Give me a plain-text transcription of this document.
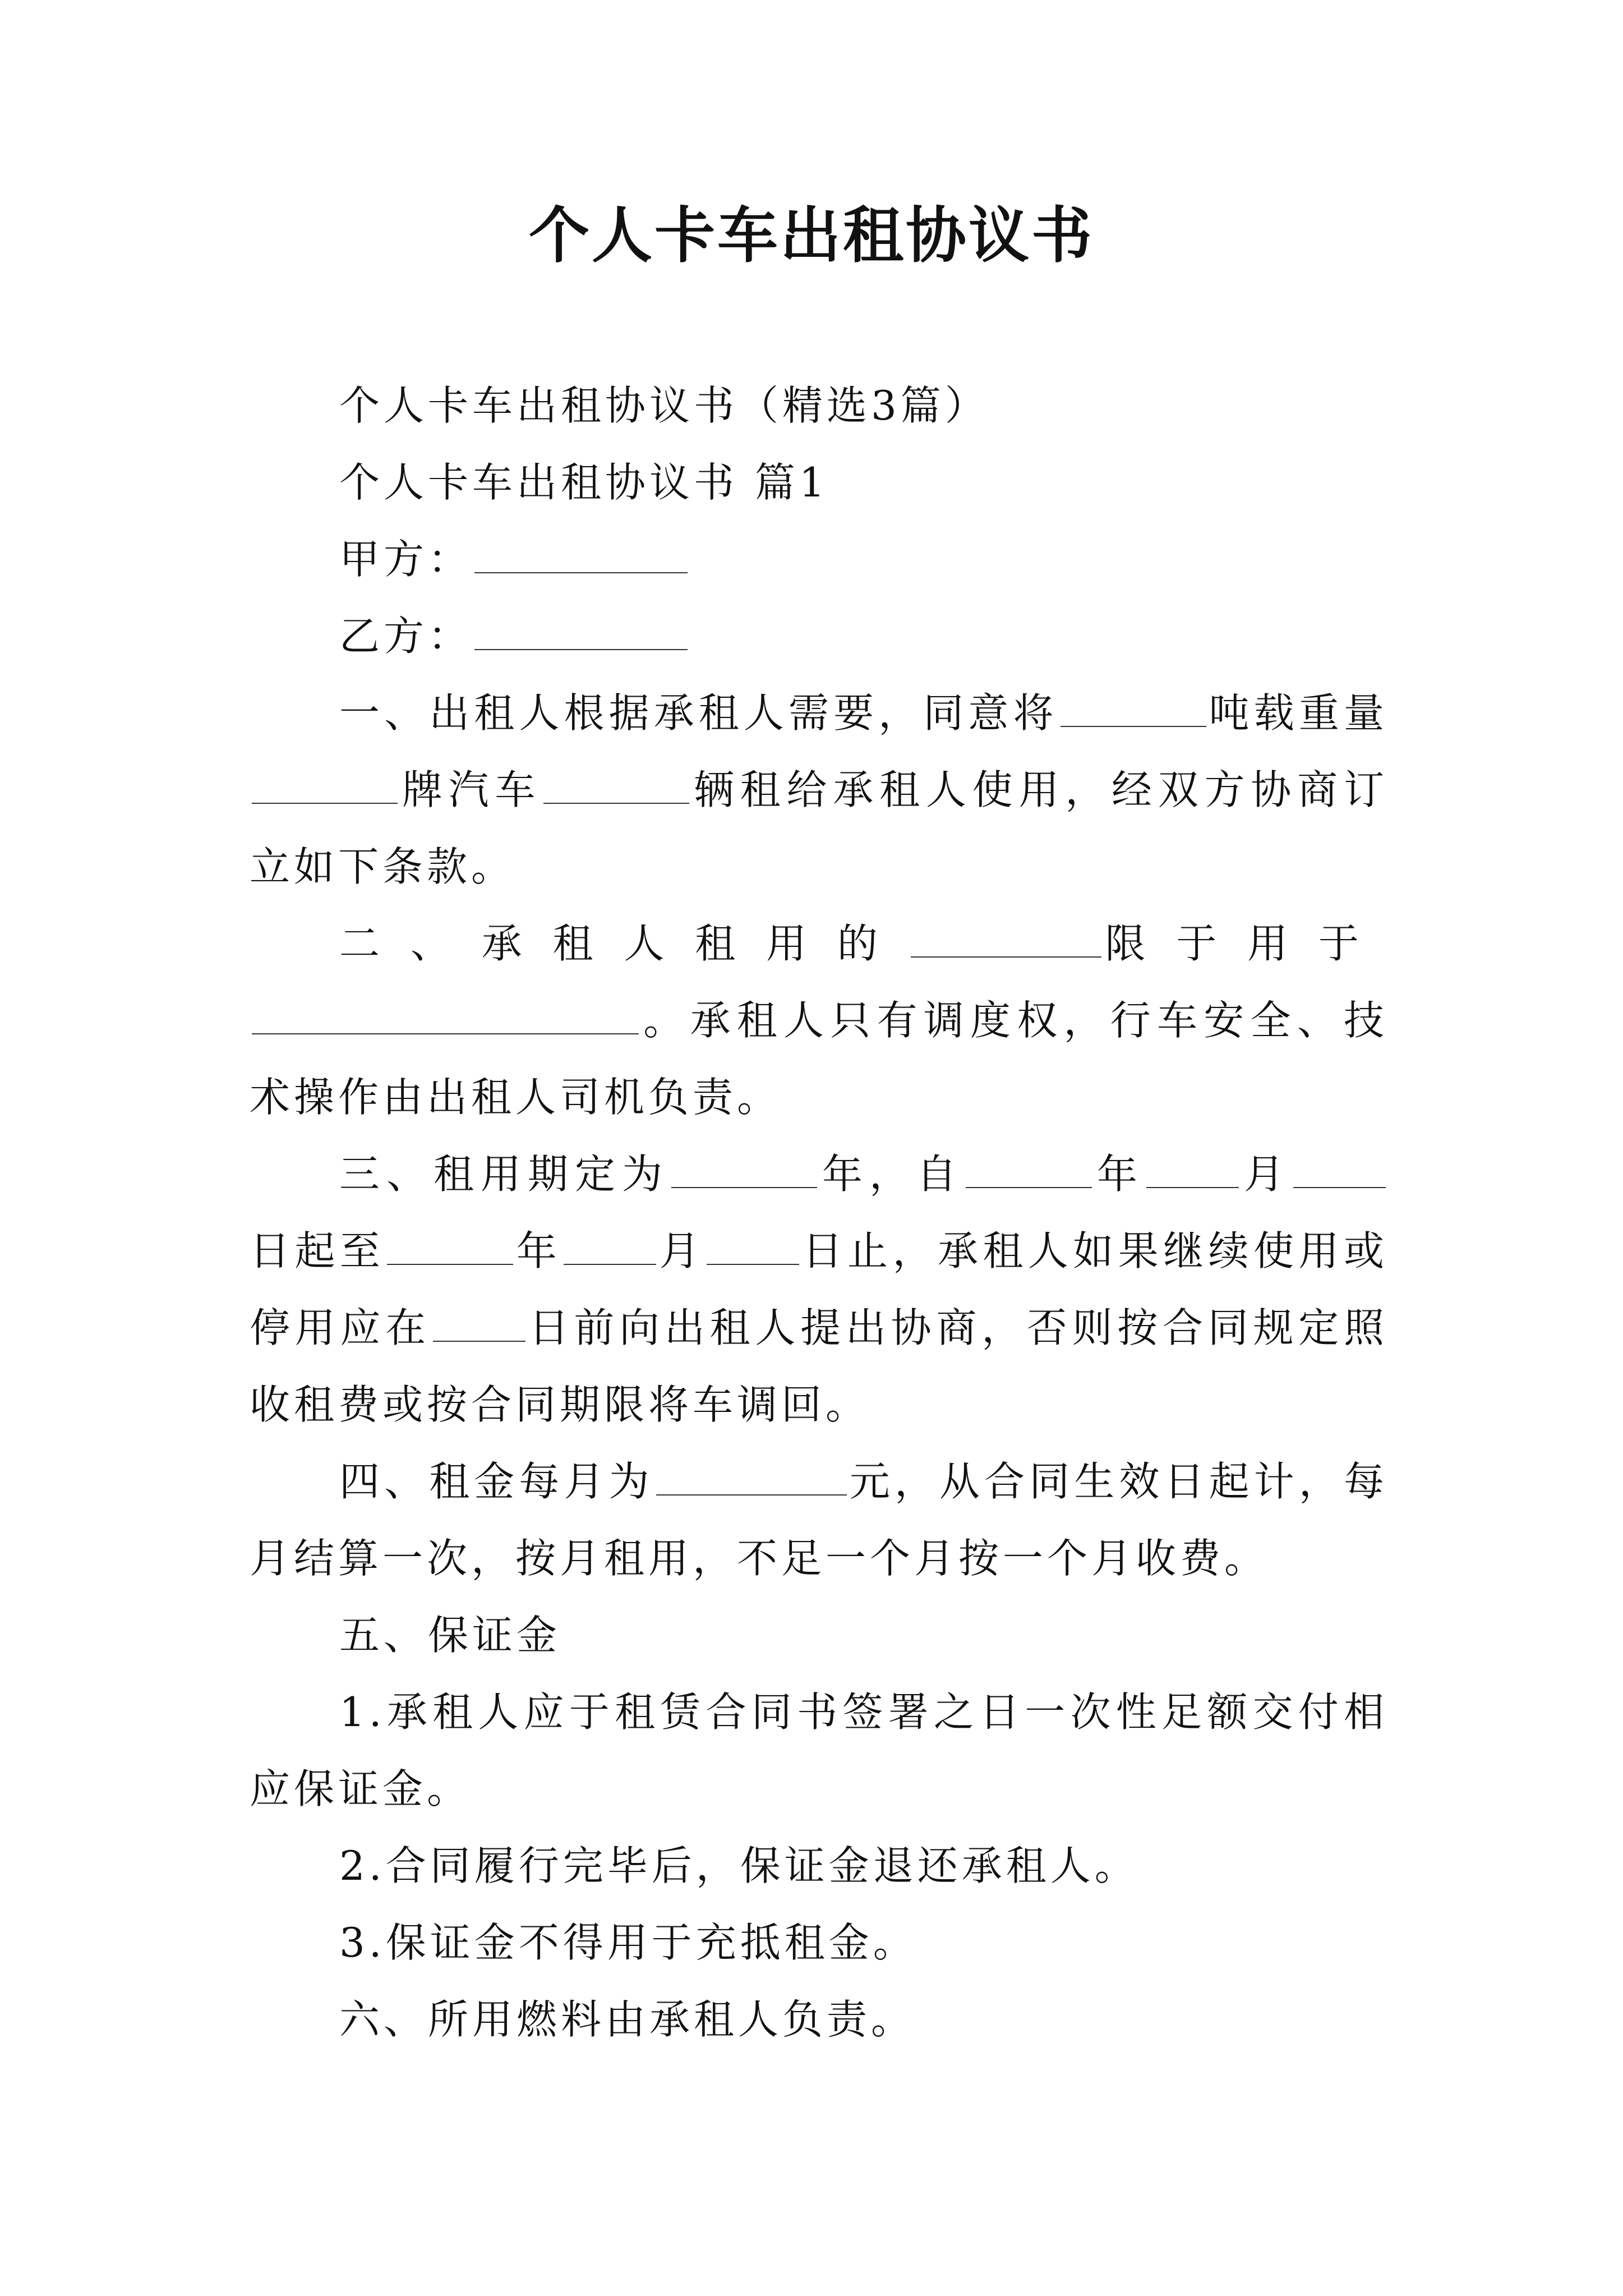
个人卡车出租协议书

个人卡车出租协议书（精选3篇）

个人卡车出租协议书 篇1

甲方：

乙方：

一、出租人根据承租人需要，同意将	吨载重量牌汽车	辆租给承租人使用，经双方协商订立如下条款。

二、承租人租用的	限于用于。承租人只有调度权，行车安全、技术操作由出租人司机负责。

三、租用期定为	年，自	年 月日起至	年 月 日止，承租人如果继续使用或停用应在 日前向出租人提出协商，否则按合同规定照收租费或按合同期限将车调回。

四、租金每月为	元，从合同生效日起计，每月结算一次，按月租用，不足一个月按一个月收费。

五、保证金

1.承租人应于租赁合同书签署之日一次性足额交付相应保证金。

2.合同履行完毕后，保证金退还承租人。

3.保证金不得用于充抵租金。

六、所用燃料由承租人负责。
